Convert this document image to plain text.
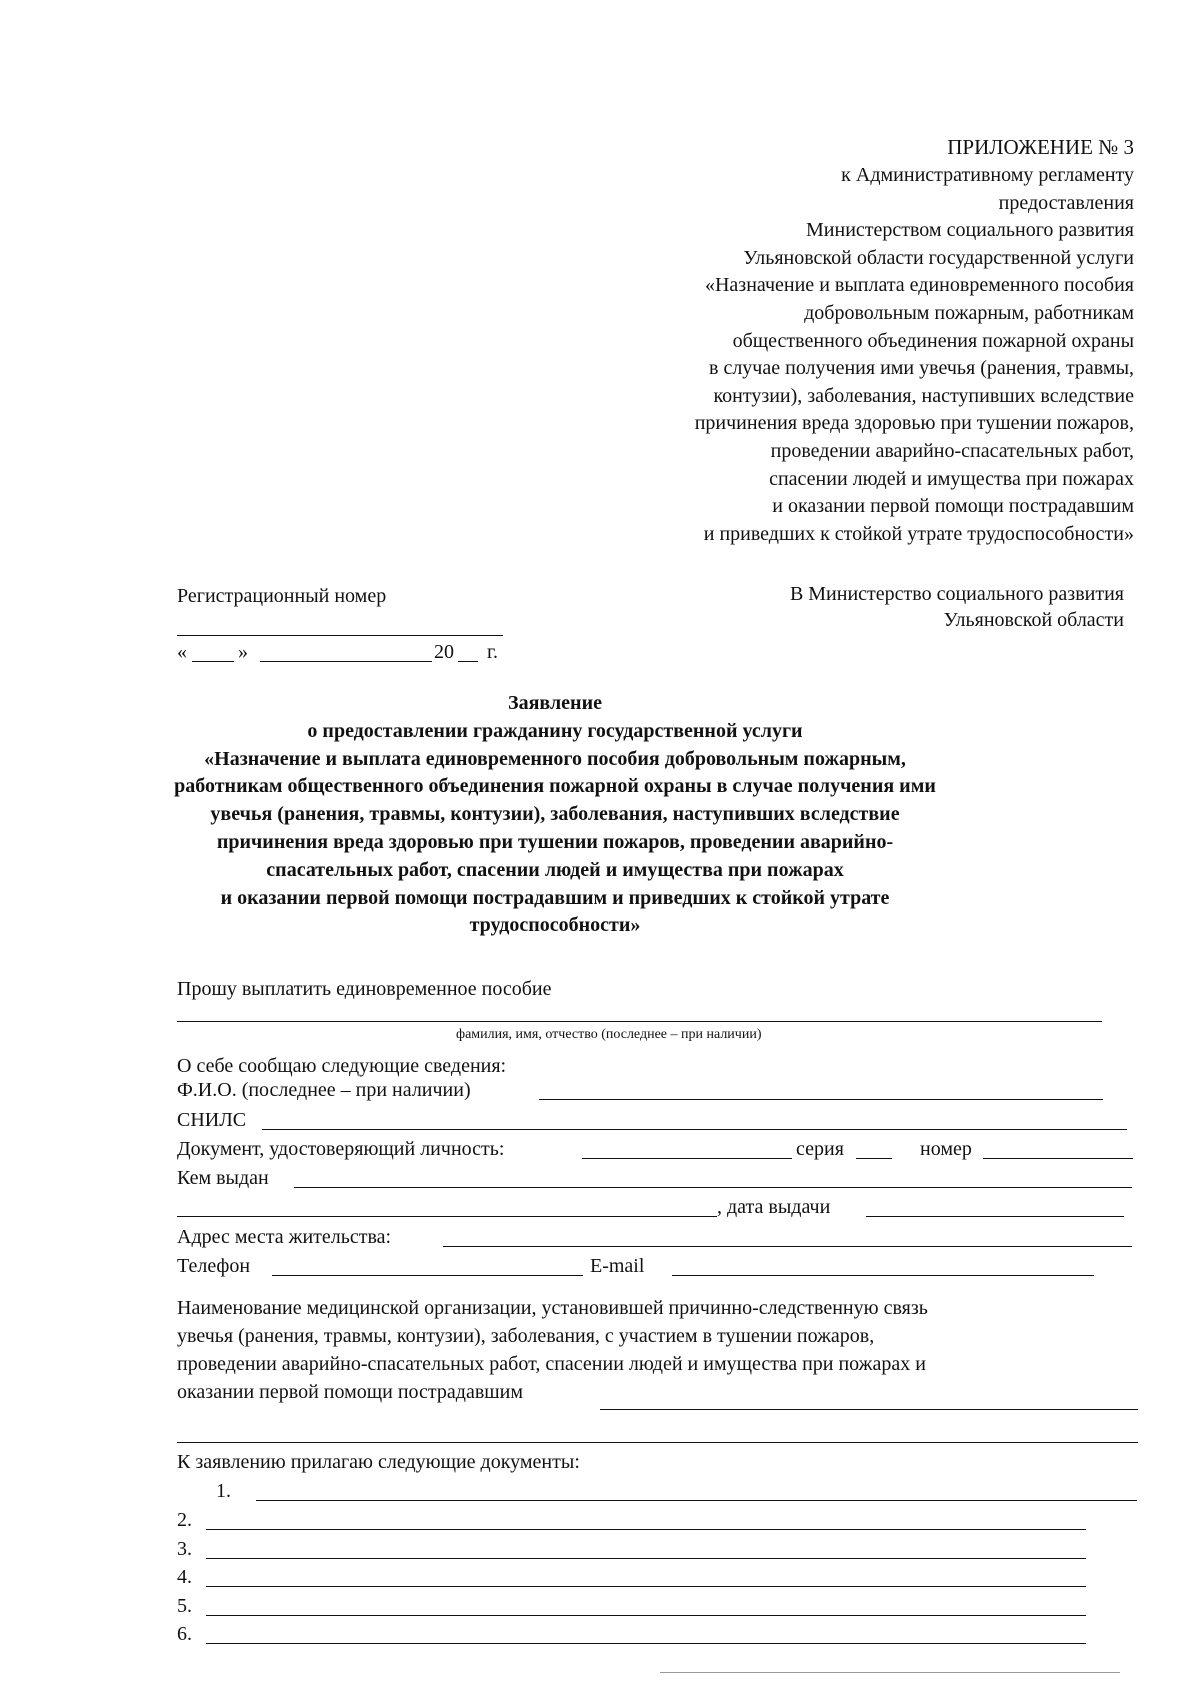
ПРИЛОЖЕНИЕ № 3
к Административному регламенту
предоставления
Министерством социального развития
Ульяновской области государственной услуги
«Назначение и выплата единовременного пособия
добровольным пожарным, работникам
общественного объединения пожарной охраны
в случае получения ими увечья (ранения, травмы,
контузии), заболевания, наступивших вследствие
причинения вреда здоровью при тушении пожаров,
проведении аварийно-спасательных работ,
спасении людей и имущества при пожарах
и оказании первой помощи пострадавшим
и приведших к стойкой утрате трудоспособности»
Регистрационный номер
«	»	20 г.
В Министерство социального развития
Ульяновской области
Заявление
о предоставлении гражданину государственной услуги
«Назначение и выплата единовременного пособия добровольным пожарным,
работникам общественного объединения пожарной охраны в случае получения ими
увечья (ранения, травмы, контузии), заболевания, наступивших вследствие
причинения вреда здоровью при тушении пожаров, проведении аварийно-
спасательных работ, спасении людей и имущества при пожарах
и оказании первой помощи пострадавшим и приведших к стойкой утрате
трудоспособности»
Прошу выплатить единовременное пособие
фамилия, имя, отчество (последнее – при наличии)
О себе сообщаю следующие сведения:
Ф.И.О. (последнее – при наличии)
СНИЛС
Документ, удостоверяющий личность:	серия	номер
Кем выдан
, дата выдачи
Адрес места жительства:
Телефон	E-mail
Наименование медицинской организации, установившей причинно-следственную связь
увечья (ранения, травмы, контузии), заболевания, с участием в тушении пожаров,
проведении аварийно-спасательных работ, спасении людей и имущества при пожарах и
оказании первой помощи пострадавшим
К заявлению прилагаю следующие документы:
1.
2.
3.
4.
5.
6.
